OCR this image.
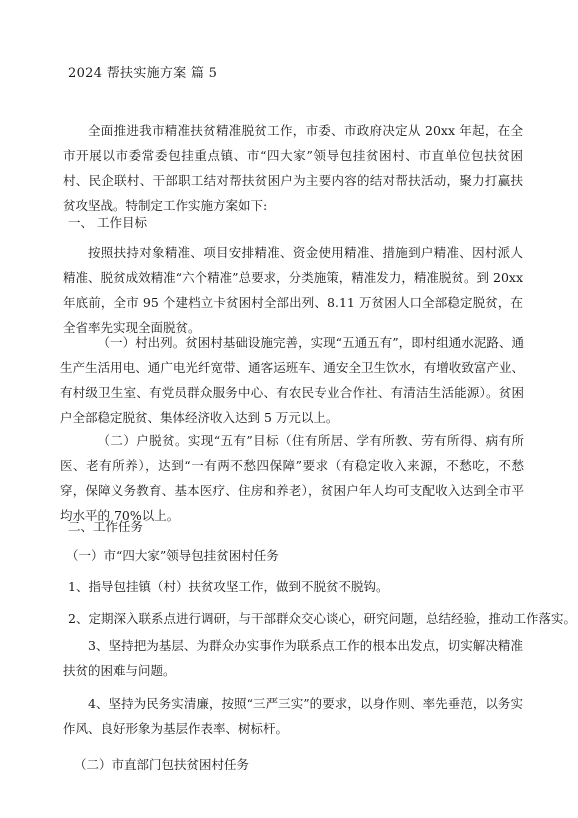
2024 帮扶实施方案 篇 5
全面推进我市精准扶贫精准脱贫工作，市委、市政府决定从 20xx 年起，在全市开展以市委常委包挂重点镇、市“四大家”领导包挂贫困村、市直单位包扶贫困村、民企联村、干部职工结对帮扶贫困户为主要内容的结对帮扶活动，聚力打赢扶贫攻坚战。特制定工作实施方案如下:
一、 工作目标
按照扶持对象精准、项目安排精准、资金使用精准、措施到户精准、因村派人精准、脱贫成效精准“六个精准”总要求，分类施策，精准发力，精准脱贫。到 20xx 年底前，全市 95 个建档立卡贫困村全部出列、8.11 万贫困人口全部稳定脱贫，在全省率先实现全面脱贫。
（一）村出列。贫困村基础设施完善，实现“五通五有”，即村组通水泥路、通生产生活用电、通广电光纤宽带、通客运班车、通安全卫生饮水，有增收致富产业、有村级卫生室、有党员群众服务中心、有农民专业合作社、有清洁生活能源）。贫困户全部稳定脱贫、集体经济收入达到 5 万元以上。
（二）户脱贫。实现“五有”目标（住有所居、学有所教、劳有所得、病有所医、老有所养），达到“一有两不愁四保障”要求（有稳定收入来源，不愁吃，不愁穿，保障义务教育、基本医疗、住房和养老），贫困户年人均可支配收入达到全市平均水平的 70%以上。
二、工作任务
（一）市“四大家”领导包挂贫困村任务
1、指导包挂镇（村）扶贫攻坚工作，做到不脱贫不脱钩。
2、定期深入联系点进行调研，与干部群众交心谈心，研究问题，总结经验，推动工作落实。
3、坚持把为基层、为群众办实事作为联系点工作的根本出发点，切实解决精准扶贫的困难与问题。
4、坚持为民务实清廉，按照“三严三实”的要求，以身作则、率先垂范，以务实作风、良好形象为基层作表率、树标杆。
（二）市直部门包扶贫困村任务
